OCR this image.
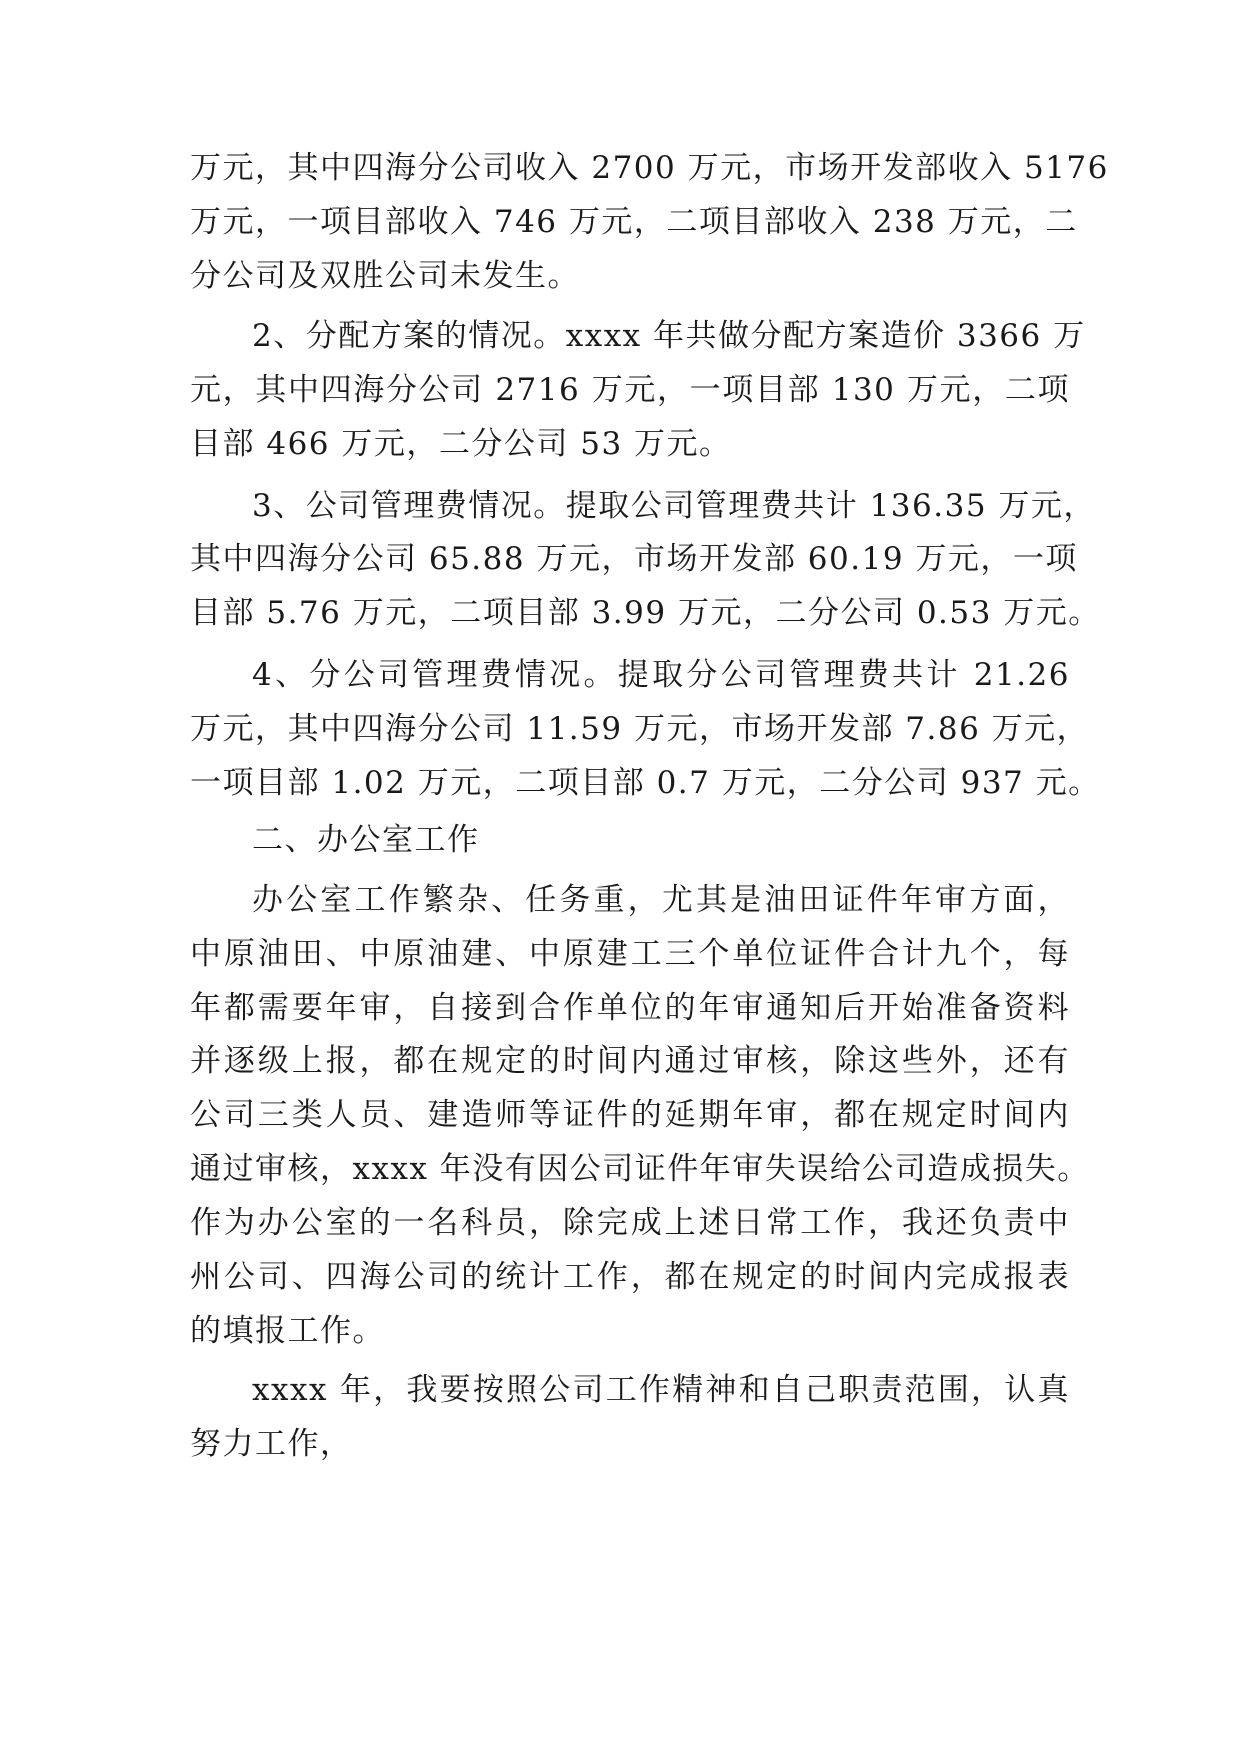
万元，其中四海分公司收入 2700 万元，市场开发部收入 5176
万元，一项目部收入 746 万元，二项目部收入 238 万元，二
分公司及双胜公司未发生。
2、分配方案的情况。xxxx 年共做分配方案造价 3366 万
元，其中四海分公司 2716 万元，一项目部 130 万元，二项
目部 466 万元，二分公司 53 万元。
3、公司管理费情况。提取公司管理费共计 136.35 万元，
其中四海分公司 65.88 万元，市场开发部 60.19 万元，一项
目部 5.76 万元，二项目部 3.99 万元，二分公司 0.53 万元。
4、分公司管理费情况。提取分公司管理费共计 21.26
万元，其中四海分公司 11.59 万元，市场开发部 7.86 万元，
一项目部 1.02 万元，二项目部 0.7 万元，二分公司 937 元。
二、办公室工作
办公室工作繁杂、任务重，尤其是油田证件年审方面，
中原油田、中原油建、中原建工三个单位证件合计九个，每
年都需要年审，自接到合作单位的年审通知后开始准备资料
并逐级上报，都在规定的时间内通过审核，除这些外，还有
公司三类人员、建造师等证件的延期年审，都在规定时间内
通过审核，xxxx 年没有因公司证件年审失误给公司造成损失。
作为办公室的一名科员，除完成上述日常工作，我还负责中
州公司、四海公司的统计工作，都在规定的时间内完成报表
的填报工作。
xxxx 年，我要按照公司工作精神和自己职责范围，认真
努力工作，
